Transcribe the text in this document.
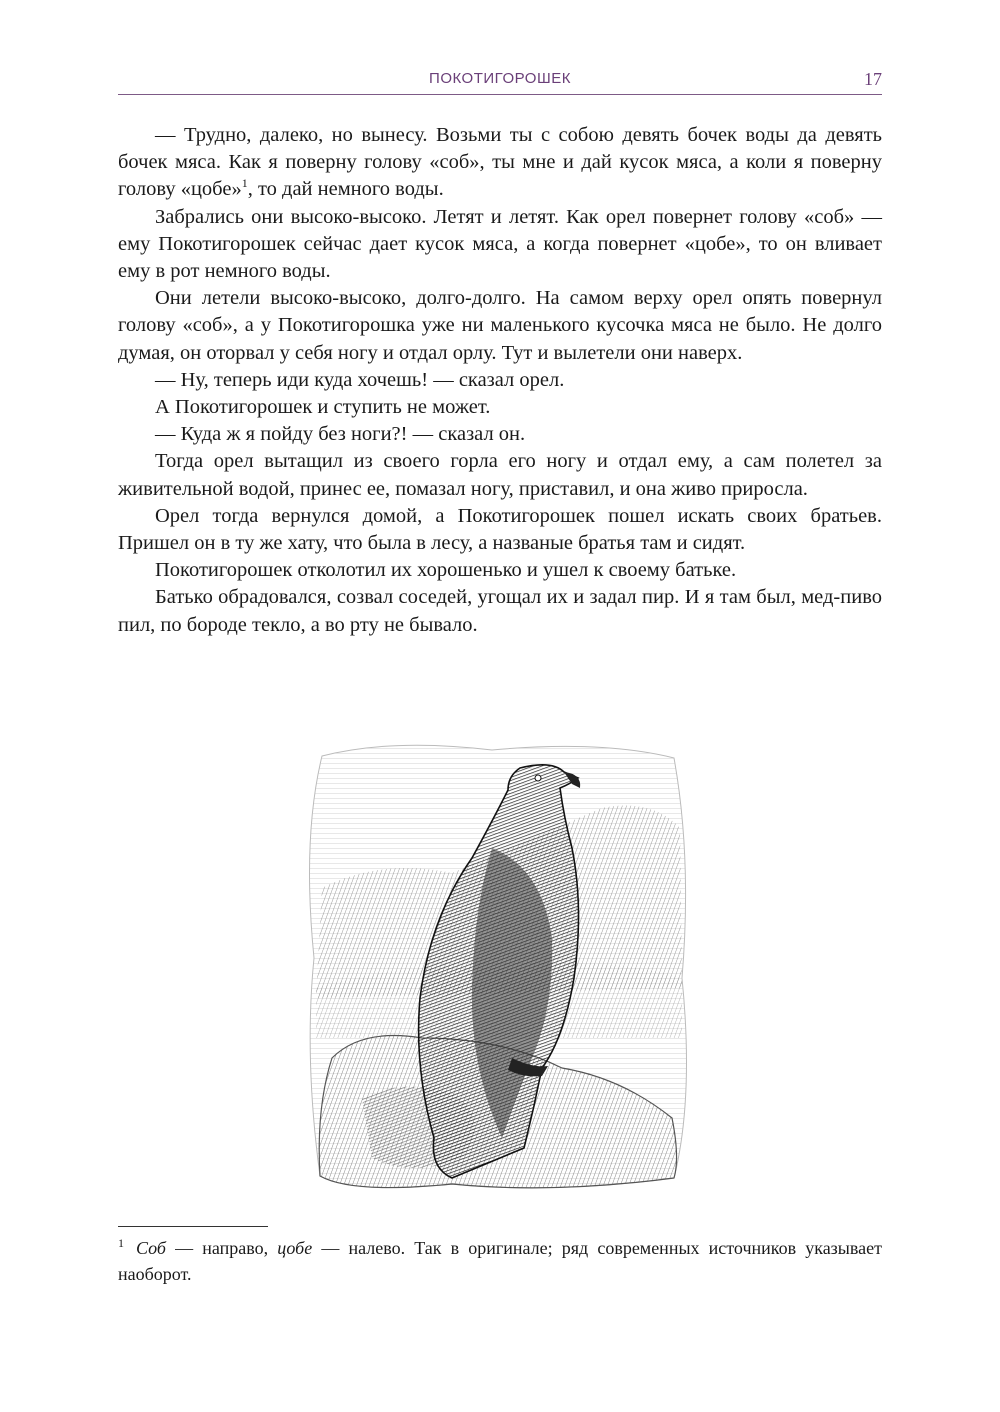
ПОКОТИГОРОШЕК	17

— Трудно, далеко, но вынесу. Возьми ты с собою девять бочек воды да девять бочек мяса. Как я поверну голову «соб», ты мне и дай кусок мяса, а коли я поверну голову «цобе»$^1$, то дай немного воды.

Забрались они высоко-высоко. Летят и летят. Как орел повернет голову «соб» — ему Покотигорошек сейчас дает кусок мяса, а когда повернет «цобе», то он вливает ему в рот немного воды.

Они летели высоко-высоко, долго-долго. На самом верху орел опять повернул голову «соб», а у Покотигорошка уже ни маленького кусочка мяса не было. Не долго думая, он оторвал у себя ногу и отдал орлу. Тут и вылетели они наверх.

— Ну, теперь иди куда хочешь! — сказал орел.

А Покотигорошек и ступить не может.

— Куда ж я пойду без ноги?! — сказал он.

Тогда орел вытащил из своего горла его ногу и отдал ему, а сам полетел за живительной водой, принес ее, помазал ногу, приставил, и она живо приросла.

Орел тогда вернулся домой, а Покотигорошек пошел искать своих братьев. Пришел он в ту же хату, что была в лесу, а названые братья там и сидят.

Покотигорошек отколотил их хорошенько и ушел к своему батьке.

Батько обрадовался, созвал соседей, угощал их и задал пир. И я там был, мед-пиво пил, по бороде текло, а во рту не бывало.

$^1$ Соб — направо, цобе — налево. Так в оригинале; ряд современных источников указывает наоборот.
